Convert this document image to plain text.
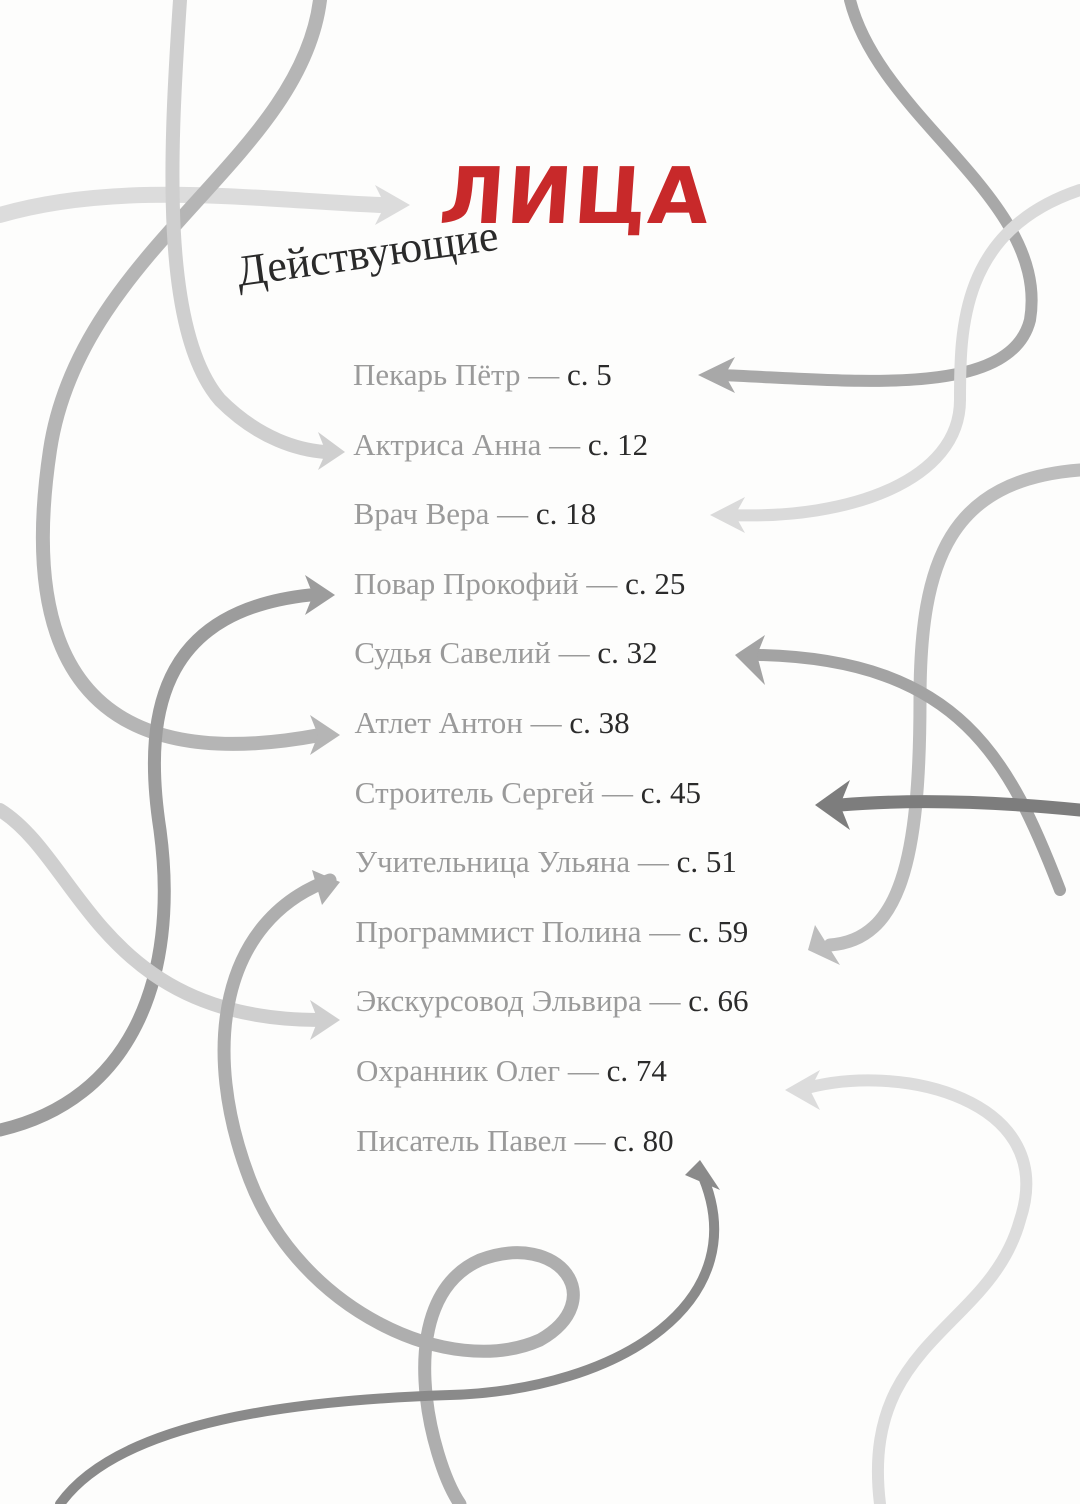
ЛИЦА
Действующие
Пекарь Пётр — с. 5
Актриса Анна — с. 12
Врач Вера — с. 18
Повар Прокофий — с. 25
Судья Савелий — с. 32
Атлет Антон — с. 38
Строитель Сергей — с. 45
Учительница Ульяна — с. 51
Программист Полина — с. 59
Экскурсовод Эльвира — с. 66
Охранник Олег — с. 74
Писатель Павел — с. 80
